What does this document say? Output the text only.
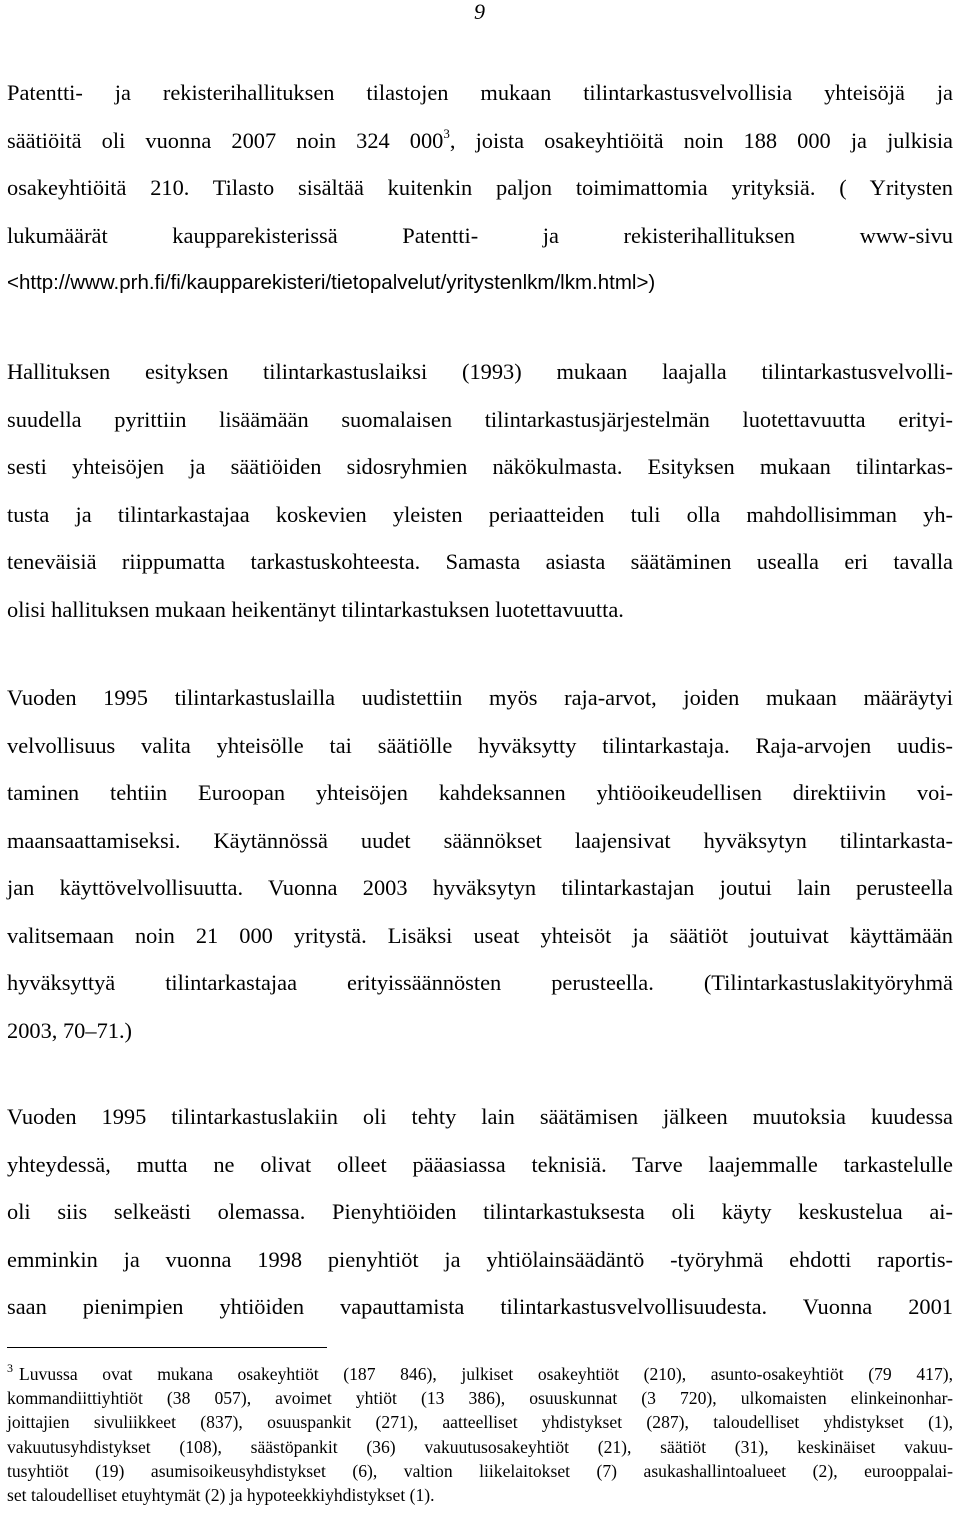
9
Patentti- ja rekisterihallituksen tilastojen mukaan tilintarkastusvelvollisia yhteisöjä ja
säätiöitä oli vuonna 2007 noin 324 $000^3$, joista osakeyhtiöitä noin 188 000 ja julkisia
osakeyhtiöitä 210. Tilasto sisältää kuitenkin paljon toimimattomia yrityksiä. ( Yritysten
lukumäärät kaupparekisterissä Patentti- ja rekisterihallituksen www-sivu
<http://www.prh.fi/fi/kaupparekisteri/tietopalvelut/yritystenlkm/lkm.html>)
Hallituksen esityksen tilintarkastuslaiksi (1993) mukaan laajalla tilintarkastusvelvolli-
suudella pyrittiin lisäämään suomalaisen tilintarkastusjärjestelmän luotettavuutta erityi-
sesti yhteisöjen ja säätiöiden sidosryhmien näkökulmasta. Esityksen mukaan tilintarkas-
tusta ja tilintarkastajaa koskevien yleisten periaatteiden tuli olla mahdollisimman yh-
teneväisiä riippumatta tarkastuskohteesta. Samasta asiasta säätäminen usealla eri tavalla
olisi hallituksen mukaan heikentänyt tilintarkastuksen luotettavuutta.
Vuoden 1995 tilintarkastuslailla uudistettiin myös raja-arvot, joiden mukaan määräytyi
velvollisuus valita yhteisölle tai säätiölle hyväksytty tilintarkastaja. Raja-arvojen uudis-
taminen tehtiin Euroopan yhteisöjen kahdeksannen yhtiöoikeudellisen direktiivin voi-
maansaattamiseksi. Käytännössä uudet säännökset laajensivat hyväksytyn tilintarkasta-
jan käyttövelvollisuutta. Vuonna 2003 hyväksytyn tilintarkastajan joutui lain perusteella
valitsemaan noin 21 000 yritystä. Lisäksi useat yhteisöt ja säätiöt joutuivat käyttämään
hyväksyttyä tilintarkastajaa erityissäännösten perusteella. (Tilintarkastuslakityöryhmä
2003, 70–71.)
Vuoden 1995 tilintarkastuslakiin oli tehty lain säätämisen jälkeen muutoksia kuudessa
yhteydessä, mutta ne olivat olleet pääasiassa teknisiä. Tarve laajemmalle tarkastelulle
oli siis selkeästi olemassa. Pienyhtiöiden tilintarkastuksesta oli käyty keskustelua ai-
emminkin ja vuonna 1998 pienyhtiöt ja yhtiölainsäädäntö -työryhmä ehdotti raportis-
saan pienimpien yhtiöiden vapauttamista tilintarkastusvelvollisuudesta. Vuonna 2001
$^3$ Luvussa ovat mukana osakeyhtiöt (187 846), julkiset osakeyhtiöt (210), asunto-osakeyhtiöt (79 417),
kommandiittiyhtiöt (38 057), avoimet yhtiöt (13 386), osuuskunnat (3 720), ulkomaisten elinkeinonhar-
joittajien sivuliikkeet (837), osuuspankit (271), aatteelliset yhdistykset (287), taloudelliset yhdistykset (1),
vakuutusyhdistykset (108), säästöpankit (36) vakuutusosakeyhtiöt (21), säätiöt (31), keskinäiset vakuu-
tusyhtiöt (19) asumisoikeusyhdistykset (6), valtion liikelaitokset (7) asukashallintoalueet (2), eurooppalai-
set taloudelliset etuyhtymät (2) ja hypoteekkiyhdistykset (1).
